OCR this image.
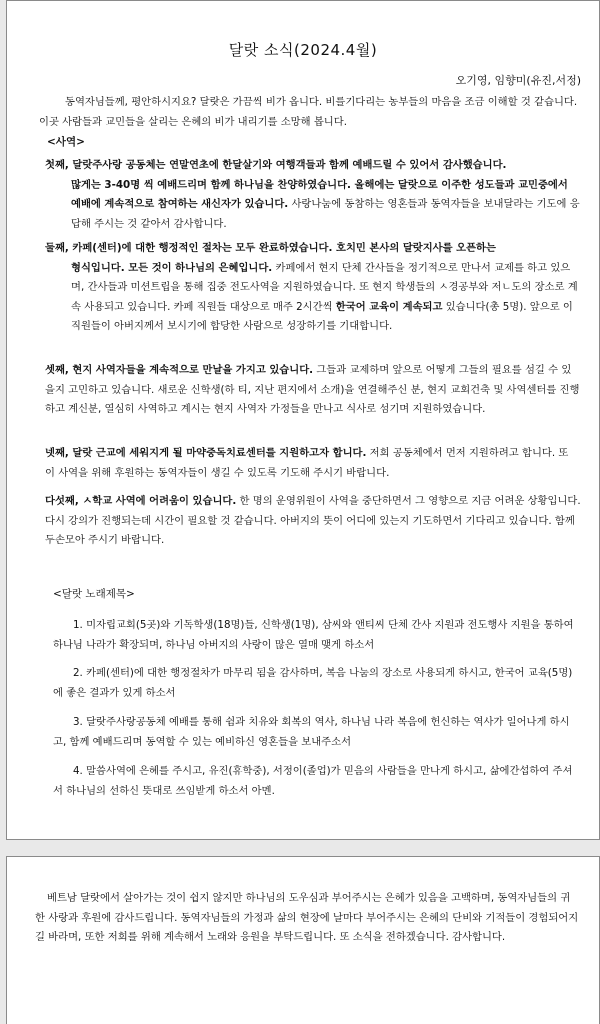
달랏 소식(2024.4월)
오기영, 임향미(유진,서정)
동역자님들께, 평안하시지요? 달랏은 가끔씩 비가 옵니다. 비를기다리는 농부들의 마음을 조금 이해할 것 같습니다. 이곳 사람들과 교민들을 살리는 은혜의 비가 내리기를 소망해 봅니다.
<사역>
첫째, 달랏주사랑 공동체는 연말연초에 한달살기와 여행객들과 함께 예배드릴 수 있어서 감사했습니다.
많게는 3-40명 씩 예배드리며 함께 하나님을 찬양하였습니다. 올해에는 달랏으로 이주한 성도들과 교민중에서 예배에 계속적으로 참여하는 새신자가 있습니다. 사랑나눔에 동참하는 영혼들과 동역자들을 보내달라는 기도에 응답해 주시는 것 같아서 감사합니다.
둘째, 카페(센터)에 대한 행정적인 절차는 모두 완료하였습니다. 호치민 본사의 달랏지사를 오픈하는
형식입니다. 모든 것이 하나님의 은혜입니다. 카페에서 현지 단체 간사들을 정기적으로 만나서 교제를 하고 있으며, 간사들과 미션트립을 통해 집중 전도사역을 지원하였습니다. 또 현지 학생들의 ㅅ경공부와 저ㄴ도의 장소로 계속 사용되고 있습니다. 카페 직원들 대상으로 매주 2시간씩 한국어 교육이 계속되고 있습니다(총 5명). 앞으로 이 직원들이 아버지께서 보시기에 합당한 사람으로 성장하기를 기대합니다.
셋째, 현지 사역자들을 계속적으로 만날을 가지고 있습니다. 그들과 교제하며 앞으로 어떻게 그들의 필요를 섬길 수 있을지 고민하고 있습니다. 새로운 신학생(하 티, 지난 편지에서 소개)을 연결해주신 분, 현지 교회건축 및 사역센터를 진행하고 계신분, 열심히 사역하고 계시는 현지 사역자 가정들을 만나고 식사로 섬기며 지원하였습니다.
넷째, 달랏 근교에 세워지게 될 마약중독치료센터를 지원하고자 합니다. 저희 공동체에서 먼저 지원하려고 합니다. 또 이 사역을 위해 후원하는 동역자들이 생길 수 있도록 기도해 주시기 바랍니다.
다섯째, ㅅ학교 사역에 어려움이 있습니다. 한 명의 운영위원이 사역을 중단하면서 그 영향으로 지금 어려운 상황입니다. 다시 강의가 진행되는데 시간이 필요할 것 같습니다. 아버지의 뜻이 어디에 있는지 기도하면서 기다리고 있습니다. 함께 두손모아 주시기 바랍니다.
<달랏 노래제목>
1. 미자립교회(5곳)와 기독학생(18명)들, 신학생(1명), 삼씨와 앤티씨 단체 간사 지원과 전도행사 지원을 통하여 하나님 나라가 확장되며, 하나님 아버지의 사랑이 많은 열매 맺게 하소서
2. 카페(센터)에 대한 행정절차가 마무리 됨을 감사하며, 복음 나눔의 장소로 사용되게 하시고, 한국어 교육(5명)에 좋은 결과가 있게 하소서
3. 달랏주사랑공동체 예배를 통해 쉼과 치유와 회복의 역사, 하나님 나라 복음에 헌신하는 역사가 일어나게 하시고, 함께 예배드리며 동역할 수 있는 예비하신 영혼들을 보내주소서
4. 말씀사역에 은혜를 주시고, 유진(휴학중), 서정이(졸업)가 믿음의 사람들을 만나게 하시고, 삶에간섭하여 주셔서 하나님의 선하신 뜻대로 쓰임받게 하소서 아멘.
베트남 달랏에서 살아가는 것이 쉽지 않지만 하나님의 도우심과 부어주시는 은혜가 있음을 고백하며, 동역자님들의 귀한 사랑과 후원에 감사드립니다. 동역자님들의 가정과 삶의 현장에 날마다 부어주시는 은혜의 단비와 기적들이 경험되어지길 바라며, 또한 저희를 위해 계속해서 노래와 응원을 부탁드립니다. 또 소식을 전하겠습니다. 감사합니다.
